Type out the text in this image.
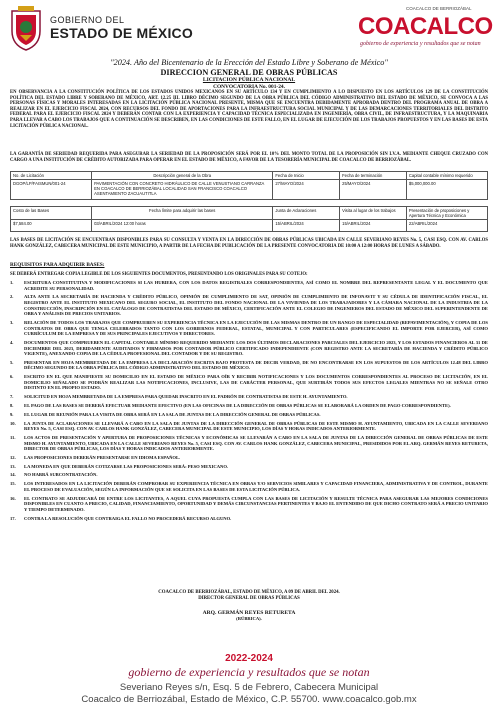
GOBIERNO DEL
ESTADO DE MÉXICO
COACALCO DE BERRIOZÁBAL
COACALCO
gobierno de experiencia y resultados que se notan
"2024. Año del Bicentenario de la Erección del Estado Libre y Soberano de México"
DIRECCION GENERAL DE OBRAS PÚBLICAS
LICITACION PÚBLICA NACIONAL
CONVOCATORIA No. 001-24.
EN OBSERVANCIA A LA CONSTITUCIÓN POLÍTICA DE LOS ESTADOS UNIDOS MEXICANOS EN SU ARTÍCULO 134 Y EN CUMPLIMIENTO A LO DISPUESTO EN LOS ARTÍCULOS 129 DE LA CONSTITUCIÓN POLÍTICA DEL ESTADO LIBRE Y SOBERANO DE MÉXICO, ART. 12.25 III. LIBRO DÉCIMO SEGUNDO DE LA OBRA PÚBLICA DEL CÓDIGO ADMINISTRATIVO DEL ESTADO DE MÉXICO, SE CONVOCA A LAS PERSONAS FÍSICAS Y MORALES INTERESADAS EN LA LICITACIÓN PÚBLICA NACIONAL PRESENTE, MISMA QUE SE ENCUENTRA DEBIDAMENTE APROBADA DENTRO DEL PROGRAMA ANUAL DE OBRA A REALIZAR EN EL EJERCICIO FISCAL 2024, CON RECURSOS DEL FONDO DE APORTACIONES PARA LA INFRAESTRUCTURA SOCIAL MUNICIPAL Y DE LAS DEMARCACIONES TERRITORIALES DEL DISTRITO FEDERAL PARA EL EJERCICIO FISCAL 2024 Y DEBERÁN CONTAR CON LA EXPERIENCIA Y CAPACIDAD TÉCNICA ESPECIALIZADA EN INGENIERÍA, OBRA CIVIL, DE INFRAESTRUCTURA, Y LA MAQUINARIA PARA LLEVAR A CABO LOS TRABAJOS QUE A CONTINUACIÓN SE DESCRIBEN, EN LAS CONDICIONES DE ESTE FALLO, EN EL LUGAR DE EJECUCIÓN DE LOS TRABAJOS PROPUESTOS Y EN LAS BASES DE ESTA LICITACIÓN PÚBLICA NACIONAL.
LA GARANTÍA DE SERIEDAD REQUERIDA PARA ASEGURAR LA SERIEDAD DE LA PROPOSICIÓN SERÁ POR EL 10% DEL MONTO TOTAL DE LA PROPOSICIÓN SIN I.V.A. MEDIANTE CHEQUE CRUZADO CON CARGO A UNA INSTITUCIÓN DE CRÉDITO AUTORIZADA PARA OPERAR EN EL ESTADO DE MÉXICO, A FAVOR DE LA TESORERÍA MUNICIPAL DE COACALCO DE BERRIOZÁBAL.
No. de Licitación	Descripción general de la Obra	Fecha de Inicio	Fecha de terminación	Capital contable mínimo requerido
DGOP/LP/FAISMUN/001-24	PAVIMENTACIÓN CON CONCRETO HIDRÁULICO DE CALLE VENUSTIANO CARRANZA EN COACALCO DE BERRIOZÁBAL LOCALIDAD SAN FRANCISCO COACALCO ASENTAMIENTO ZACUAUTITLA	27/MAYO/2024	25/MAYO/2024	$5,000,000.00
Costo de las Bases	Fecha límite para adquirir las bases	Junta de Aclaraciones	Visita al lugar de los trabajos	Presentación de proposiciones y Apertura Técnica y Económica
$7,584.00	03/ABRIL/2024 12:00 horas	15/ABRIL/2024	15/ABRIL/2024	22/ABRIL/2024
LAS BASES DE LICITACIÓN SE ENCUENTRAN DISPONIBLES PARA SU CONSULTA Y VENTA EN LA DIRECCIÓN DE OBRAS PÚBLICAS UBICADA EN CALLE SEVERIANO REYES No. 5, CASI ESQ. CON AV. CARLOS HANK GONZÁLEZ, CABECERA MUNICIPAL DE ESTE MUNICIPIO, A PARTIR DE LA FECHA DE PUBLICACIÓN DE LA PRESENTE CONVOCATORIA DE 10:00 A 12:00 HORAS DE LUNES A SÁBADO.
REQUISITOS PARA ADQUIRIR BASES:
SE DEBERÁ ENTREGAR COPIA LEGIBLE DE LOS SIGUIENTES DOCUMENTOS, PRESENTANDO LOS ORIGINALES PARA SU COTEJO:
1. ESCRITURA CONSTITUTIVA Y MODIFICACIONES SI LAS HUBIERA, CON LOS DATOS REGISTRALES CORRESPONDIENTES, ASÍ COMO EL NOMBRE DEL REPRESENTANTE LEGAL Y EL DOCUMENTO QUE ACREDITE SU PERSONALIDAD.
2. ALTA ANTE LA SECRETARÍA DE HACIENDA Y CRÉDITO PÚBLICO, OPINIÓN DE CUMPLIMIENTO DE SAT, OPINIÓN DE CUMPLIMIENTO DE INFONAVIT Y SU CÉDULA DE IDENTIFICACIÓN FISCAL, EL REGISTRO ANTE EL INSTITUTO MEXICANO DEL SEGURO SOCIAL, EL INSTITUTO DEL FONDO NACIONAL DE LA VIVIENDA DE LOS TRABAJADORES Y LA CÁMARA NACIONAL DE LA INDUSTRIA DE LA CONSTRUCCIÓN, INSCRIPCIÓN EN EL CATÁLOGO DE CONTRATISTAS DEL ESTADO DE MÉXICO, CERTIFICACIÓN ANTE EL COLEGIO DE INGENIEROS DEL ESTADO DE MÉXICO DEL SUPERINTENDENTE DE OBRA Y ANÁLISIS DE PRECIOS UNITARIOS.
3. RELACIÓN DE TODOS LOS TRABAJOS QUE COMPRUEBEN SU EXPERIENCIA TÉCNICA EN LA EJECUCIÓN DE LAS MISMAS DENTRO DE UN RANGO DE ESPECIALIDAD (REPAVIMENTACIÓN), Y COPIA DE LOS CONTRATOS DE OBRA QUE TENGA CELEBRADOS TANTO CON LOS GOBIERNOS FEDERAL, ESTATAL, MUNICIPAL Y CON PARTICULARES (ESPECIFICANDO EL IMPORTE POR EJERCER), ASÍ COMO CURRÍCULUM DE LA EMPRESA Y DE SUS PRINCIPALES EJECUTIVOS Y DIRECTORES.
4. DOCUMENTOS QUE COMPRUEBEN EL CAPITAL CONTABLE MÍNIMO REQUERIDO MEDIANTE LOS DOS ÚLTIMOS DECLARACIONES PARCIALES DEL EJERCICIO 2023, Y LOS ESTADOS FINANCIEROS AL 31 DE DICIEMBRE DEL 2023, DEBIDAMENTE AUDITADOS Y FIRMADOS POR CONTADOR PÚBLICO CERTIFICADO INDEPENDIENTE (CON REGISTRO ANTE LA SECRETARÍA DE HACIENDA Y CRÉDITO PÚBLICO VIGENTE), ANEXANDO COPIA DE LA CÉDULA PROFESIONAL DEL CONTADOR Y DE SU REGISTRO.
5. PRESENTAR EN HOJA MEMBRETADA DE LA EMPRESA LA DECLARACIÓN ESCRITA BAJO PROTESTA DE DECIR VERDAD, DE NO ENCONTRARSE EN LOS SUPUESTOS DE LOS ARTÍCULOS 12.48 DEL LIBRO DÉCIMO SEGUNDO DE LA OBRA PÚBLICA DEL CÓDIGO ADMINISTRATIVO DEL ESTADO DE MÉXICO.
6. ESCRITO EN EL QUE MANIFIESTE SU DOMICILIO EN EL ESTADO DE MÉXICO PARA OÍR Y RECIBIR NOTIFICACIONES Y LOS DOCUMENTOS CORRESPONDIENTES AL PROCESO DE LICITACIÓN, EN EL DOMICILIO SEÑALADO SE PODRÁN REALIZAR LAS NOTIFICACIONES, INCLUSIVE, LAS DE CARÁCTER PERSONAL, QUE SURTIRÁN TODOS SUS EFECTOS LEGALES MIENTRAS NO SE SEÑALE OTRO DISTINTO EN EL PROPIO ESTADO.
7. SOLICITUD EN HOJA MEMBRETADA DE LA EMPRESA PARA QUEDAR INSCRITO EN EL PADRÓN DE CONTRATISTAS DE ESTE H. AYUNTAMIENTO.
8. EL PAGO DE LAS BASES SE DEBERÁ EFECTUAR MEDIANTE EFECTIVO (EN LAS OFICINAS DE LA DIRECCIÓN DE OBRAS PÚBLICAS SE ELABORARÁ LA ORDEN DE PAGO CORRESPONDIENTE).
9. EL LUGAR DE REUNIÓN PARA LA VISITA DE OBRA SERÁ EN LA SALA DE JUNTAS DE LA DIRECCIÓN GENERAL DE OBRAS PÚBLICAS.
10. LA JUNTA DE ACLARACIONES SE LLEVARÁ A CABO EN LA SALA DE JUNTAS DE LA DIRECCIÓN GENERAL DE OBRAS PÚBLICAS DE ESTE MISMO H. AYUNTAMIENTO, UBICADA EN LA CALLE SEVERIANO REYES No. 5, CASI ESQ. CON AV. CARLOS HANK GONZÁLEZ, CABECERA MUNICIPAL DE ESTE MUNICIPIO, LOS DÍAS Y HORAS INDICADOS ANTERIORMENTE.
11. LOS ACTOS DE PRESENTACIÓN Y APERTURA DE PROPOSICIONES TÉCNICAS Y ECONÓMICAS SE LLEVARÁN A CABO EN LA SALA DE JUNTAS DE LA DIRECCIÓN GENERAL DE OBRAS PÚBLICAS DE ESTE MISMO H. AYUNTAMIENTO, UBICADA EN LA CALLE SEVERIANO REYES No. 5, CASI ESQ. CON AV. CARLOS HANK GONZÁLEZ, CABECERA MUNICIPAL, PRESIDIDOS POR EL ARQ. GERMÁN REYES RETURETA, DIRECTOR DE OBRAS PÚBLICAS, LOS DÍAS Y HORAS INDICADOS ANTERIORMENTE.
12. LAS PROPOSICIONES DEBERÁN PRESENTARSE EN IDIOMA ESPAÑOL.
13. LA MONEDA EN QUE DEBERÁN COTIZARSE LAS PROPOSICIONES SERÁ: PESO MEXICANO.
14. NO HABRÁ SUBCONTRATACIÓN.
15. LOS INTERESADOS EN LA LICITACIÓN DEBERÁN COMPROBAR SU EXPERIENCIA TÉCNICA EN OBRAS Y/O SERVICIOS SIMILARES Y CAPACIDAD FINANCIERA, ADMINISTRATIVA Y DE CONTROL, DURANTE EL PROCESO DE EVALUACIÓN, SEGÚN LA INFORMACIÓN QUE SE SOLICITA EN LAS BASES DE ESTA LICITACIÓN PÚBLICA.
16. EL CONTRATO SE ADJUDICARÁ DE ENTRE LOS LICITANTES, A AQUEL CUYA PROPUESTA CUMPLA CON LAS BASES DE LICITACIÓN Y RESULTE TÉCNICA PARA ASEGURAR LAS MEJORES CONDICIONES DISPONIBLES EN CUANTO A PRECIO, CALIDAD, FINANCIAMIENTO, OPORTUNIDAD Y DEMÁS CIRCUNSTANCIAS PERTINENTES Y BAJO EL ENTENDIDO DE QUE DICHO CONTRATO SERÁ A PRECIO UNITARIO Y TIEMPO DETERMINADO.
17. CONTRA LA RESOLUCIÓN QUE CONTRAIGA EL FALLO NO PROCEDERÁ RECURSO ALGUNO.
COACALCO DE BERRIOZÁBAL, ESTADO DE MÉXICO, A 09 DE ABRIL DEL 2024.
DIRECTOR GENERAL DE OBRAS PÚBLICAS
ARQ. GERMÁN REYES RETURETA
(RÚBRICA).
2022-2024
gobierno de experiencia y resultados que se notan
Severiano Reyes s/n, Esq. 5 de Febrero, Cabecera Municipal
Coacalco de Berriozábal, Estado de México, C.P. 55700. www.coacalco.gob.mx
